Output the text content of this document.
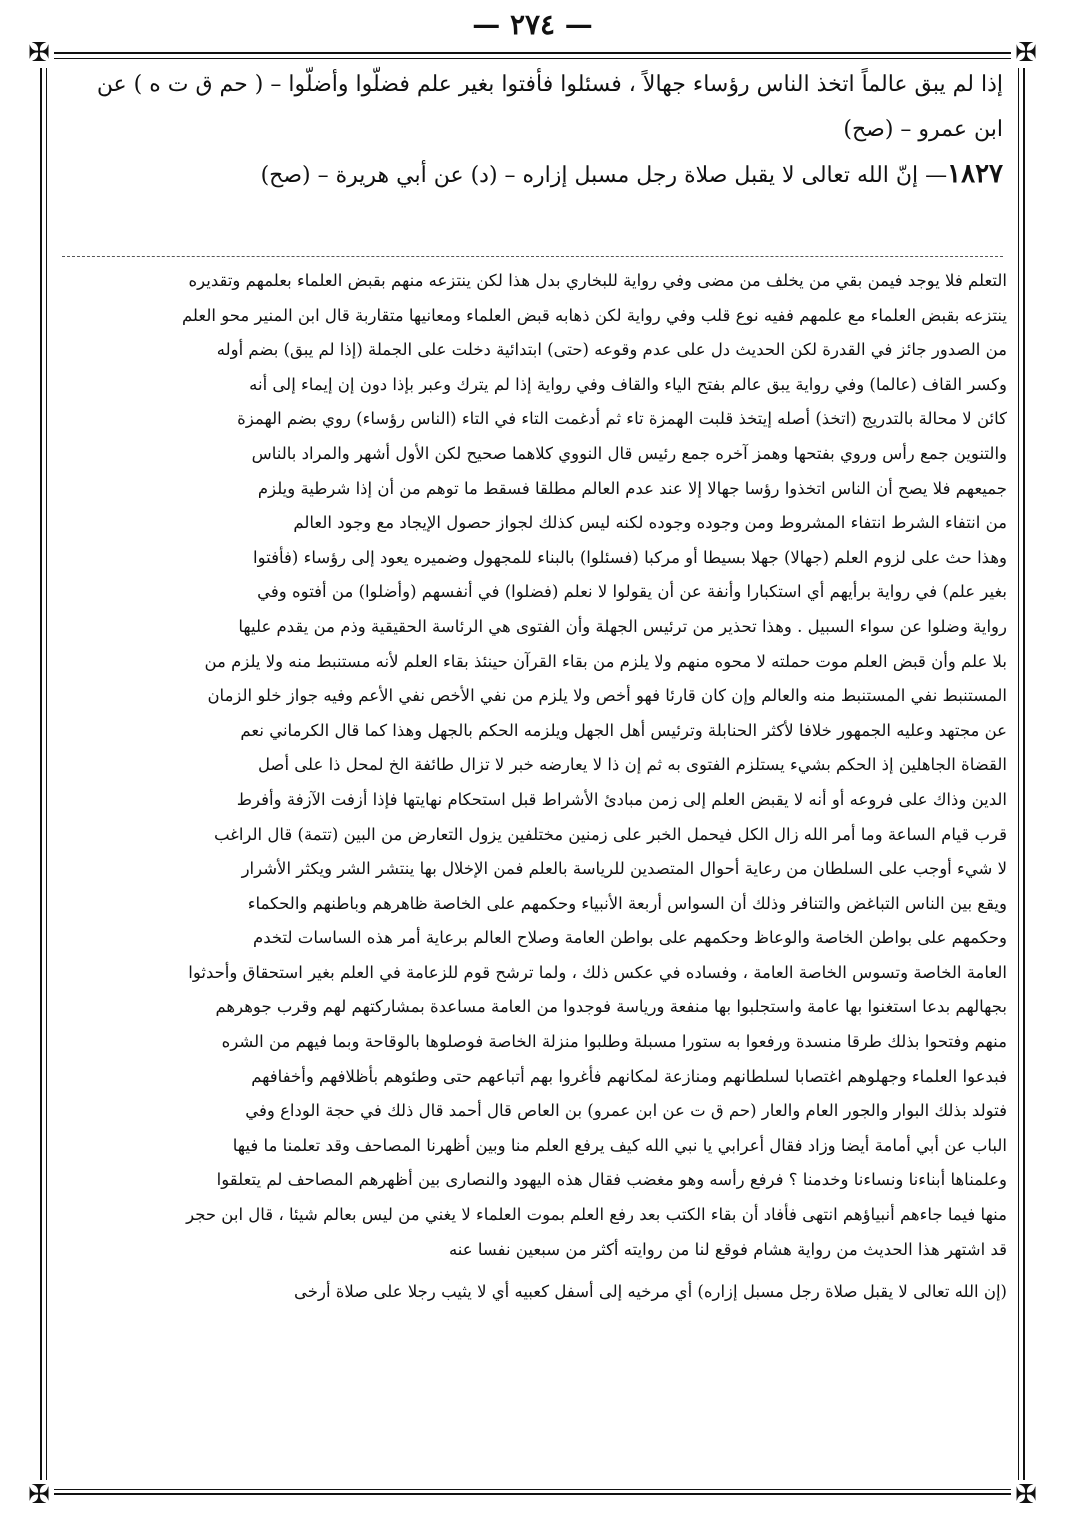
— ٢٧٤ —
✠	✠
✠	✠

إذا لم يبق عالماً اتخذ الناس رؤساء جهالاً ، فسئلوا فأفتوا بغير علم فضلّوا وأضلّوا – ( حم ق ت ه ) عن

ابن عمرو – (صح)

١٨٢٧— إنّ الله تعالى لا يقبل صلاة رجل مسبل إزاره – (د) عن أبي هريرة – (صح)

التعلم فلا يوجد فيمن بقي من يخلف من مضى وفي رواية للبخاري بدل هذا لكن ينتزعه منهم بقبض العلماء بعلمهم وتقديره
ينتزعه بقبض العلماء مع علمهم ففيه نوع قلب وفي رواية لكن ذهابه قبض العلماء ومعانيها متقاربة قال ابن المنير محو العلم
من الصدور جائز في القدرة لكن الحديث دل على عدم وقوعه (حتى) ابتدائية دخلت على الجملة (إذا لم يبق) بضم أوله
وكسر القاف (عالما) وفي رواية يبق عالم بفتح الياء والقاف وفي رواية إذا لم يترك وعبر بإذا دون إن إيماء إلى أنه
كائن لا محالة بالتدريج (اتخذ) أصله إيتخذ قلبت الهمزة تاء ثم أدغمت التاء في التاء (الناس رؤساء) روي بضم الهمزة
والتنوين جمع رأس وروي بفتحها وهمز آخره جمع رئيس قال النووي كلاهما صحيح لكن الأول أشهر والمراد بالناس
جميعهم فلا يصح أن الناس اتخذوا رؤسا جهالا إلا عند عدم العالم مطلقا فسقط ما توهم من أن إذا شرطية ويلزم
من انتفاء الشرط انتفاء المشروط ومن وجوده وجوده لكنه ليس كذلك لجواز حصول الإيجاد مع وجود العالم
وهذا حث على لزوم العلم (جهالا) جهلا بسيطا أو مركبا (فسئلوا) بالبناء للمجهول وضميره يعود إلى رؤساء (فأفتوا
بغير علم) في رواية برأيهم أي استكبارا وأنفة عن أن يقولوا لا نعلم (فضلوا) في أنفسهم (وأضلوا) من أفتوه وفي
رواية وضلوا عن سواء السبيل . وهذا تحذير من ترئيس الجهلة وأن الفتوى هي الرئاسة الحقيقية وذم من يقدم عليها
بلا علم وأن قبض العلم موت حملته لا محوه منهم ولا يلزم من بقاء القرآن حينئذ بقاء العلم لأنه مستنبط منه ولا يلزم من
المستنبط نفي المستنبط منه والعالم وإن كان قارئا فهو أخص ولا يلزم من نفي الأخص نفي الأعم وفيه جواز خلو الزمان
عن مجتهد وعليه الجمهور خلافا لأكثر الحنابلة وترئيس أهل الجهل ويلزمه الحكم بالجهل وهذا كما قال الكرماني نعم
القضاة الجاهلين إذ الحكم بشيء يستلزم الفتوى به ثم إن ذا لا يعارضه خبر لا تزال طائفة الخ لمحل ذا على أصل
الدين وذاك على فروعه أو أنه لا يقبض العلم إلى زمن مبادئ الأشراط قبل استحكام نهايتها فإذا أزفت الآزفة وأفرط
قرب قيام الساعة وما أمر الله زال الكل فيحمل الخبر على زمنين مختلفين يزول التعارض من البين (تتمة) قال الراغب
لا شيء أوجب على السلطان من رعاية أحوال المتصدين للرياسة بالعلم فمن الإخلال بها ينتشر الشر ويكثر الأشرار
ويقع بين الناس التباغض والتنافر وذلك أن السواس أربعة الأنبياء وحكمهم على الخاصة ظاهرهم وباطنهم والحكماء
وحكمهم على بواطن الخاصة والوعاظ وحكمهم على بواطن العامة وصلاح العالم برعاية أمر هذه الساسات لتخدم
العامة الخاصة وتسوس الخاصة العامة ، وفساده في عكس ذلك ، ولما ترشح قوم للزعامة في العلم بغير استحقاق وأحدثوا
بجهالهم بدعا استغنوا بها عامة واستجلبوا بها منفعة ورياسة فوجدوا من العامة مساعدة بمشاركتهم لهم وقرب جوهرهم
منهم وفتحوا بذلك طرقا منسدة ورفعوا به ستورا مسبلة وطلبوا منزلة الخاصة فوصلوها بالوقاحة وبما فيهم من الشره
فبدعوا العلماء وجهلوهم اغتصابا لسلطانهم ومنازعة لمكانهم فأغروا بهم أتباعهم حتى وطئوهم بأظلافهم وأخفافهم
فتولد بذلك البوار والجور العام والعار (حم ق ت عن ابن عمرو) بن العاص قال أحمد قال ذلك في حجة الوداع وفي
الباب عن أبي أمامة أيضا وزاد فقال أعرابي يا نبي الله كيف يرفع العلم منا وبين أظهرنا المصاحف وقد تعلمنا ما فيها
وعلمناها أبناءنا ونساءنا وخدمنا ؟ فرفع رأسه وهو مغضب فقال هذه اليهود والنصارى بين أظهرهم المصاحف لم يتعلقوا
منها فيما جاءهم أنبياؤهم انتهى فأفاد أن بقاء الكتب بعد رفع العلم بموت العلماء لا يغني من ليس بعالم شيئا ، قال ابن حجر
قد اشتهر هذا الحديث من رواية هشام فوقع لنا من روايته أكثر من سبعين نفسا عنه
(إن الله تعالى لا يقبل صلاة رجل مسبل إزاره) أي مرخيه إلى أسفل كعبيه أي لا يثيب رجلا على صلاة أرخى
